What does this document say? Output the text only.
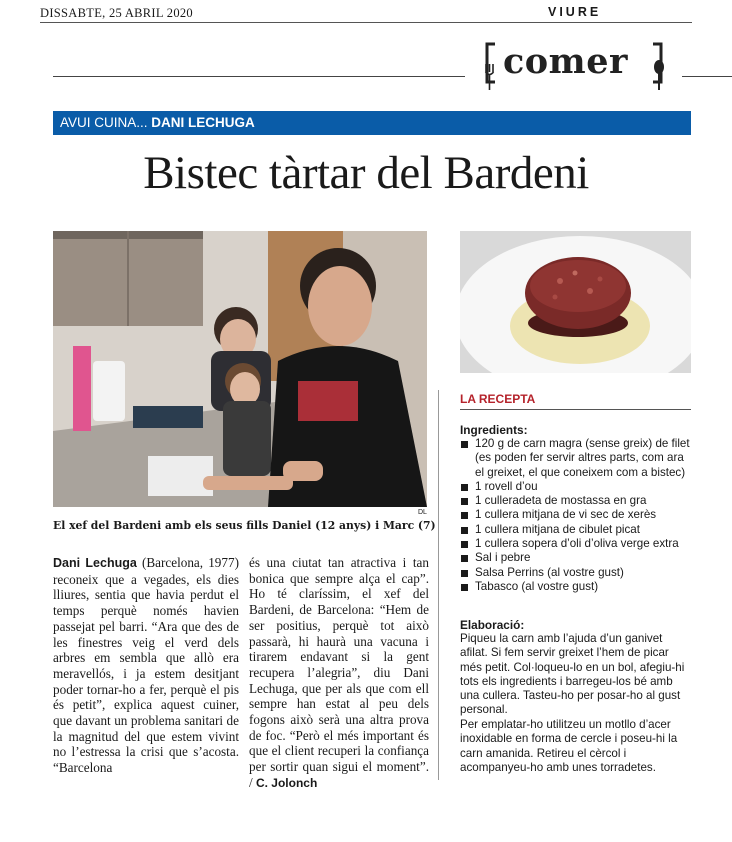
DISSABTE, 25 ABRIL 2020	VIURE
comer
AVUI CUINA... DANI LECHUGA
Bistec tàrtar del Bardeni
DL
El xef del Bardeni amb els seus fills Daniel (12 anys) i Marc (7)
Dani Lechuga (Barcelona, 1977) reconeix que a vegades, els dies lliures, sentia que havia perdut el temps perquè només havien passejat pel barri. “Ara que des de les finestres veig el verd dels arbres em sembla que allò era meravellós, i ja estem desitjant poder tornar-ho a fer, perquè el pis és petit”, explica aquest cuiner, que davant un problema sanitari de la magnitud del que estem vivint no l’estressa la crisi que s’acosta. “Barcelona
és una ciutat tan atractiva i tan bonica que sempre alça el cap”. Ho té claríssim, el xef del Bardeni, de Barcelona: “Hem de ser positius, perquè tot això passarà, hi haurà una vacuna i tirarem endavant si la gent recupera l’alegria”, diu Dani Lechuga, que per als que com ell sempre han estat al peu dels fogons això serà una altra prova de foc. “Però el més important és que el client recuperi la confiança per sortir quan sigui el moment”. / C. Jolonch
LA RECEPTA
Ingredients:
120 g de carn magra (sense greix) de filet (es poden fer servir altres parts, com ara el greixet, el que coneixem com a bistec)
1 rovell d’ou
1 culleradeta de mostassa en gra
1 cullera mitjana de vi sec de xerès
1 cullera mitjana de cibulet picat
1 cullera sopera d’oli d’oliva verge extra
Sal i pebre
Salsa Perrins (al vostre gust)
Tabasco (al vostre gust)
Elaboració:
Piqueu la carn amb l’ajuda d’un ganivet afilat. Si fem servir greixet l’hem de picar més petit. Col·loqueu-lo en un bol, afegiu-hi tots els ingredients i barregeu-los bé amb una cullera. Tasteu-ho per posar-ho al gust personal.
Per emplatar-ho utilitzeu un motllo d’acer inoxidable en forma de cercle i poseu-hi la carn amanida. Retireu el cèrcol i acompanyeu-ho amb unes torradetes.
